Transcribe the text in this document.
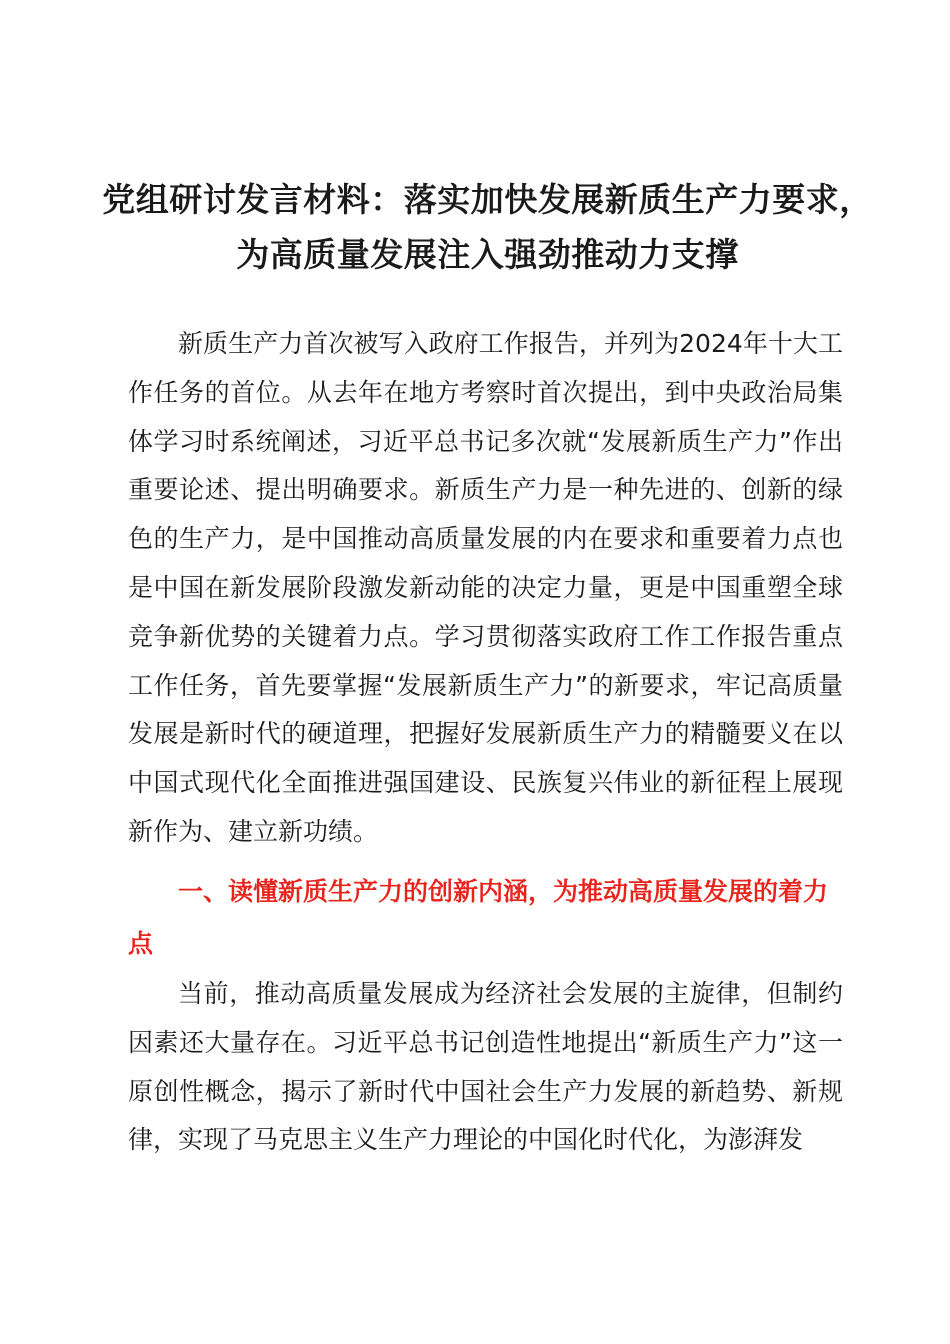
党组研讨发言材料：落实加快发展新质生产力要求，为高质量发展注入强劲推动力支撑

新质生产力首次被写入政府工作报告，并列为2024年十大工作任务的首位。从去年在地方考察时首次提出，到中央政治局集体学习时系统阐述，习近平总书记多次就“发展新质生产力”作出重要论述、提出明确要求。新质生产力是一种先进的、创新的绿色的生产力，是中国推动高质量发展的内在要求和重要着力点也是中国在新发展阶段激发新动能的决定力量，更是中国重塑全球竞争新优势的关键着力点。学习贯彻落实政府工作工作报告重点工作任务，首先要掌握“发展新质生产力”的新要求，牢记高质量发展是新时代的硬道理，把握好发展新质生产力的精髓要义在以中国式现代化全面推进强国建设、民族复兴伟业的新征程上展现新作为、建立新功绩。

一、读懂新质生产力的创新内涵，为推动高质量发展的着力点

当前，推动高质量发展成为经济社会发展的主旋律，但制约因素还大量存在。习近平总书记创造性地提出“新质生产力”这一原创性概念，揭示了新时代中国社会生产力发展的新趋势、新规律，实现了马克思主义生产力理论的中国化时代化，为澎湃发
